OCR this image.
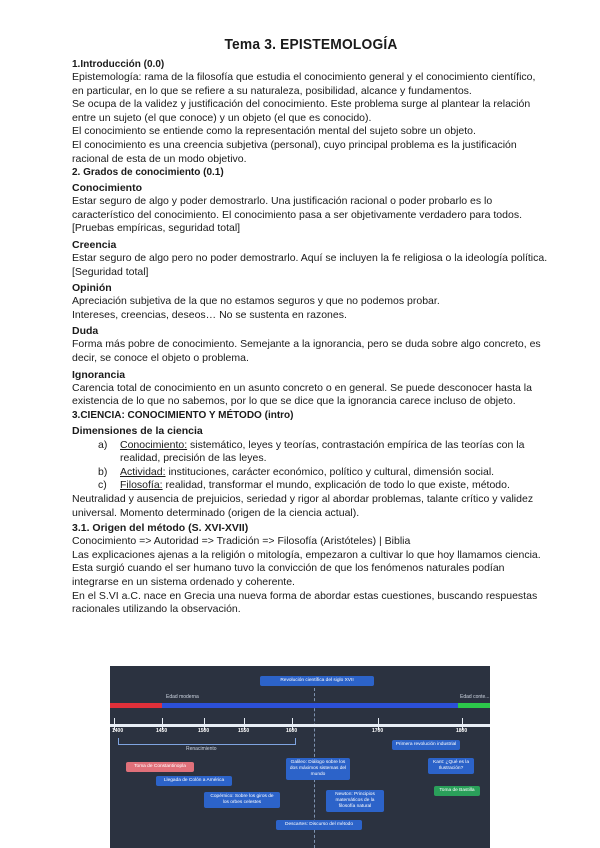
Tema 3. EPISTEMOLOGÍA
1.Introducción (0.0)

Epistemología: rama de la filosofía que estudia el conocimiento general y el conocimiento científico, en particular, en lo que se refiere a su naturaleza, posibilidad, alcance y fundamentos.

Se ocupa de la validez y justificación del conocimiento. Este problema surge al plantear la relación entre un sujeto (el que conoce) y un objeto (el que es conocido).

El conocimiento se entiende como la representación mental del sujeto sobre un objeto.

El conocimiento es una creencia subjetiva (personal), cuyo principal problema es la justificación racional de esta de un modo objetivo.

2. Grados de conocimiento (0.1)
Conocimiento

Estar seguro de algo y poder demostrarlo. Una justificación racional o poder probarlo es lo característico del conocimiento. El conocimiento pasa a ser objetivamente verdadero para todos. [Pruebas empíricas, seguridad total]

Creencia

Estar seguro de algo pero no poder demostrarlo. Aquí se incluyen la fe religiosa o la ideología política. [Seguridad total]

Opinión

Apreciación subjetiva de la que no estamos seguros y que no podemos probar.

Intereses, creencias, deseos… No se sustenta en razones.

Duda

Forma más pobre de conocimiento. Semejante a la ignorancia, pero se duda sobre algo concreto, es decir, se conoce el objeto o problema.

Ignorancia

Carencia total de conocimiento en un asunto concreto o en general. Se puede desconocer hasta la existencia de lo que no sabemos, por lo que se dice que la ignorancia carece incluso de objeto.

3.CIENCIA: CONOCIMIENTO Y MÉTODO (intro)
Dimensiones de la ciencia
a)	Conocimiento: sistemático, leyes y teorías, contrastación empírica de las teorías con la realidad, precisión de las leyes.
b)	Actividad: instituciones, carácter económico, político y cultural, dimensión social.
c)	Filosofía: realidad, transformar el mundo, explicación de todo lo que existe, método.

Neutralidad y ausencia de prejuicios, seriedad y rigor al abordar problemas, talante crítico y validez universal. Momento determinado (origen de la ciencia actual).

3.1. Origen del método (S. XVI-XVII)

Conocimiento => Autoridad => Tradición => Filosofía (Aristóteles) | Biblia

Las explicaciones ajenas a la religión o mitología, empezaron a cultivar lo que hoy llamamos ciencia. Esta surgió cuando el ser humano tuvo la convicción de que los fenómenos naturales podían integrarse en un sistema ordenado y coherente.

En el S.VI a.C. nace en Grecia una nueva forma de abordar estas cuestiones, buscando respuestas racionales utilizando la observación.

Revolución científica del siglo XVII
Edad moderna	Edad conte...
1400	1450	1500	1550	1600	1700	1800
Renacimiento
Toma de Constantinopla
Llegada de Colón a América
Copérnico: Sobre los giros de los orbes celestes
Galileo: Diálogo sobre los dos máximos sistemas del mundo
Newton: Principios matemáticos de la filosofía natural
Descartes: Discurso del método
Primera revolución industrial
Kant: ¿Qué es la Ilustración?
Toma de Bastilla
